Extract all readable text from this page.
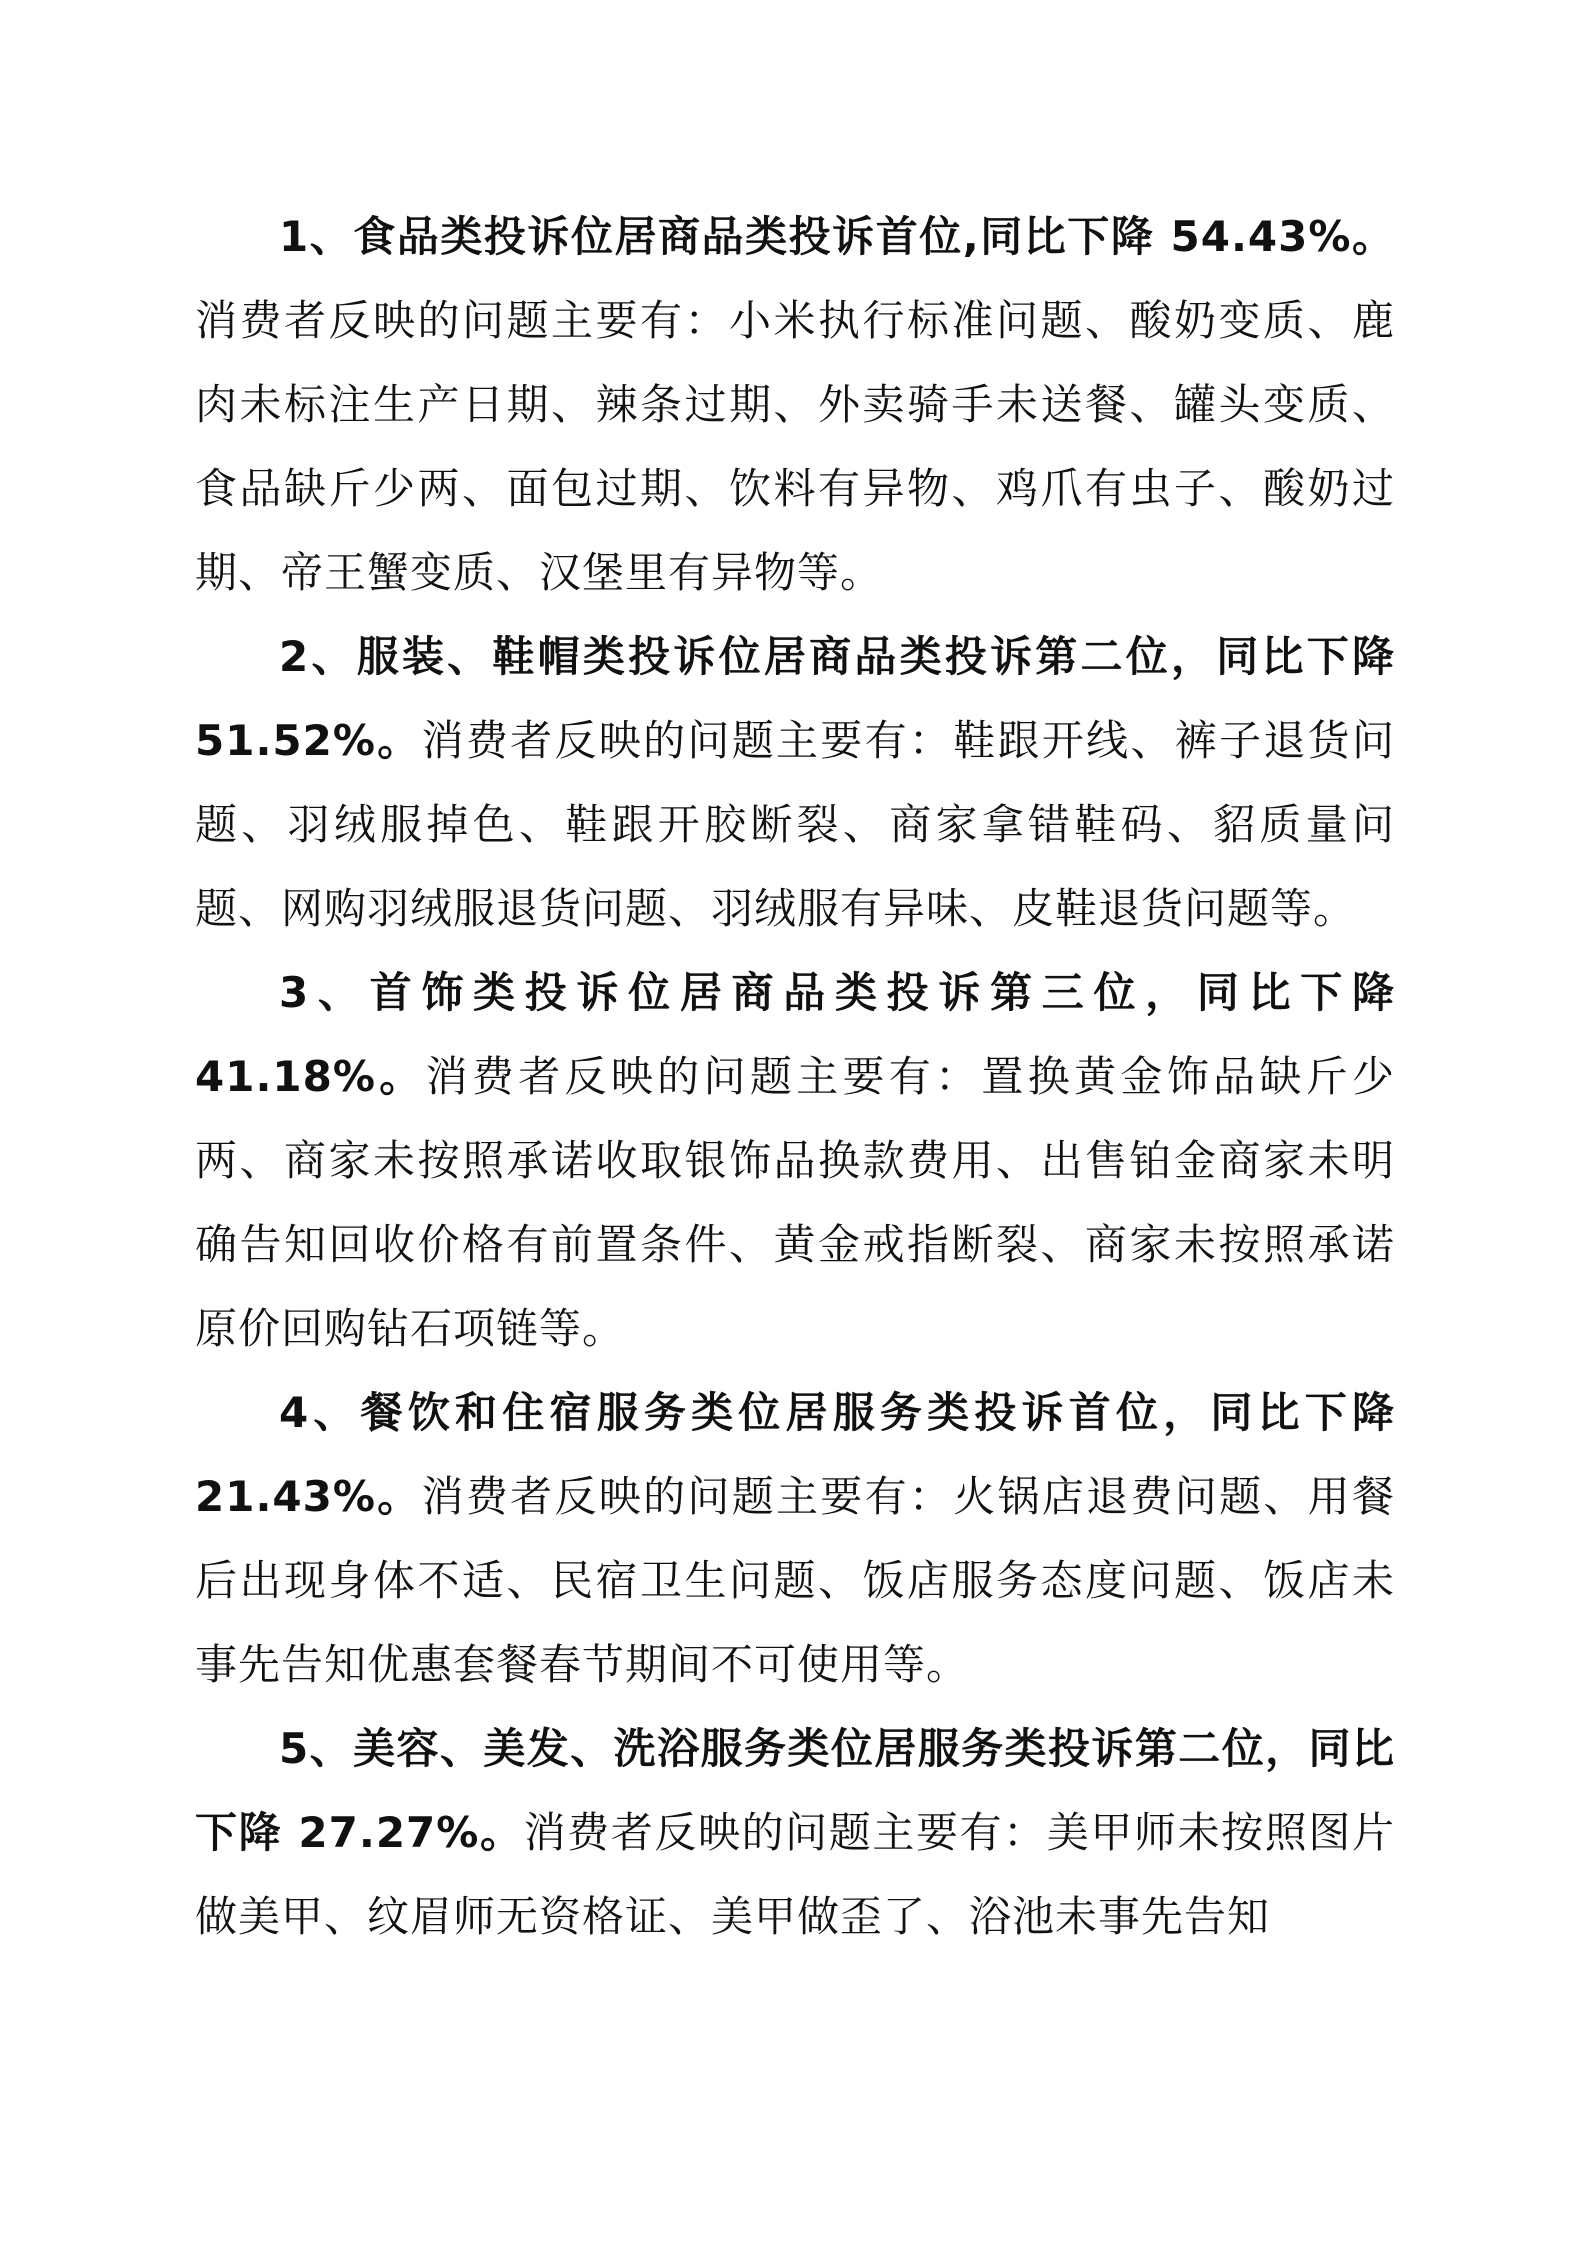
1、食品类投诉位居商品类投诉首位,同比下降 54.43%。消费者反映的问题主要有：小米执行标准问题、酸奶变质、鹿肉未标注生产日期、辣条过期、外卖骑手未送餐、罐头变质、食品缺斤少两、面包过期、饮料有异物、鸡爪有虫子、酸奶过期、帝王蟹变质、汉堡里有异物等。

2、服装、鞋帽类投诉位居商品类投诉第二位，同比下降 51.52%。消费者反映的问题主要有：鞋跟开线、裤子退货问题、羽绒服掉色、鞋跟开胶断裂、商家拿错鞋码、貂质量问题、网购羽绒服退货问题、羽绒服有异味、皮鞋退货问题等。

3、首饰类投诉位居商品类投诉第三位，同比下降 41.18%。消费者反映的问题主要有：置换黄金饰品缺斤少两、商家未按照承诺收取银饰品换款费用、出售铂金商家未明确告知回收价格有前置条件、黄金戒指断裂、商家未按照承诺原价回购钻石项链等。

4、餐饮和住宿服务类位居服务类投诉首位，同比下降 21.43%。消费者反映的问题主要有：火锅店退费问题、用餐后出现身体不适、民宿卫生问题、饭店服务态度问题、饭店未事先告知优惠套餐春节期间不可使用等。

5、美容、美发、洗浴服务类位居服务类投诉第二位，同比下降 27.27%。消费者反映的问题主要有：美甲师未按照图片做美甲、纹眉师无资格证、美甲做歪了、浴池未事先告知
